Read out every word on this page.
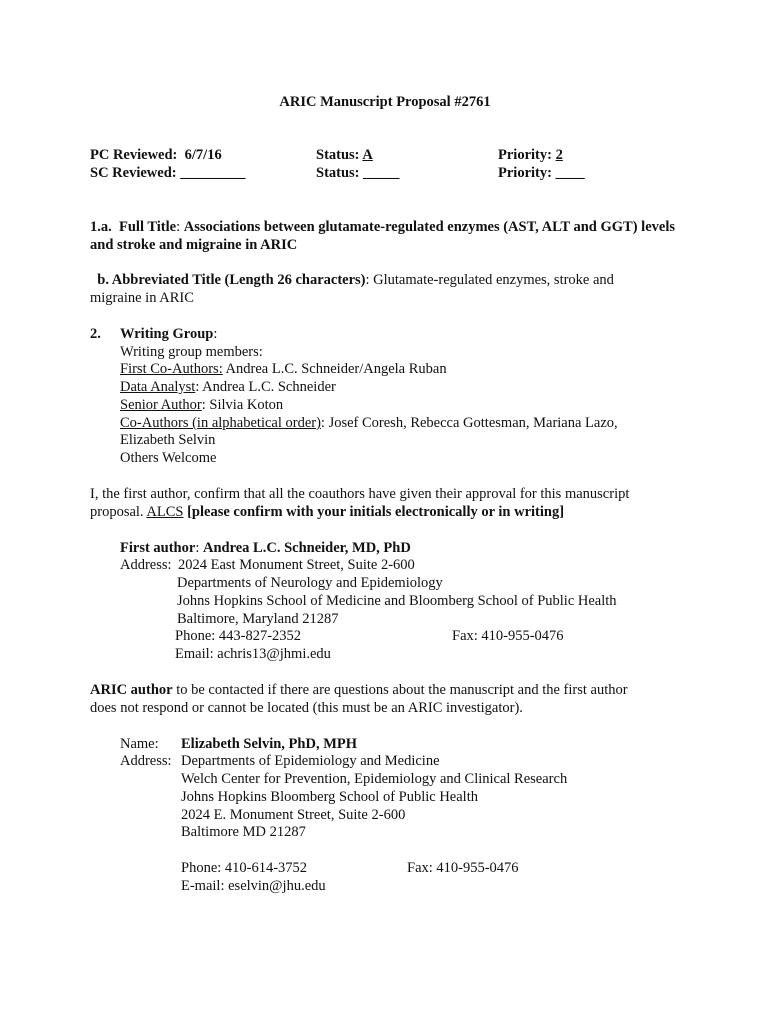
ARIC Manuscript Proposal #2761
PC Reviewed: 6/7/16
SC Reviewed: _________
Status: A
Status: _____
Priority: 2
Priority: ____
1.a. Full Title: Associations between glutamate-regulated enzymes (AST, ALT and GGT) levels and stroke and migraine in ARIC
b. Abbreviated Title (Length 26 characters): Glutamate-regulated enzymes, stroke and migraine in ARIC
2. Writing Group:
Writing group members:
First Co-Authors: Andrea L.C. Schneider/Angela Ruban
Data Analyst: Andrea L.C. Schneider
Senior Author: Silvia Koton
Co-Authors (in alphabetical order): Josef Coresh, Rebecca Gottesman, Mariana Lazo,
Elizabeth Selvin
Others Welcome
I, the first author, confirm that all the coauthors have given their approval for this manuscript
proposal. ALCS [please confirm with your initials electronically or in writing]
First author: Andrea L.C. Schneider, MD, PhD
Address: 2024 East Monument Street, Suite 2-600
Departments of Neurology and Epidemiology
Johns Hopkins School of Medicine and Bloomberg School of Public Health
Baltimore, Maryland 21287
Phone: 443-827-2352	Fax: 410-955-0476
Email: achris13@jhmi.edu
ARIC author to be contacted if there are questions about the manuscript and the first author
does not respond or cannot be located (this must be an ARIC investigator).
Name: Elizabeth Selvin, PhD, MPH
Address: Departments of Epidemiology and Medicine
Welch Center for Prevention, Epidemiology and Clinical Research
Johns Hopkins Bloomberg School of Public Health
2024 E. Monument Street, Suite 2-600
Baltimore MD 21287
Phone: 410-614-3752	Fax: 410-955-0476
E-mail: eselvin@jhu.edu
